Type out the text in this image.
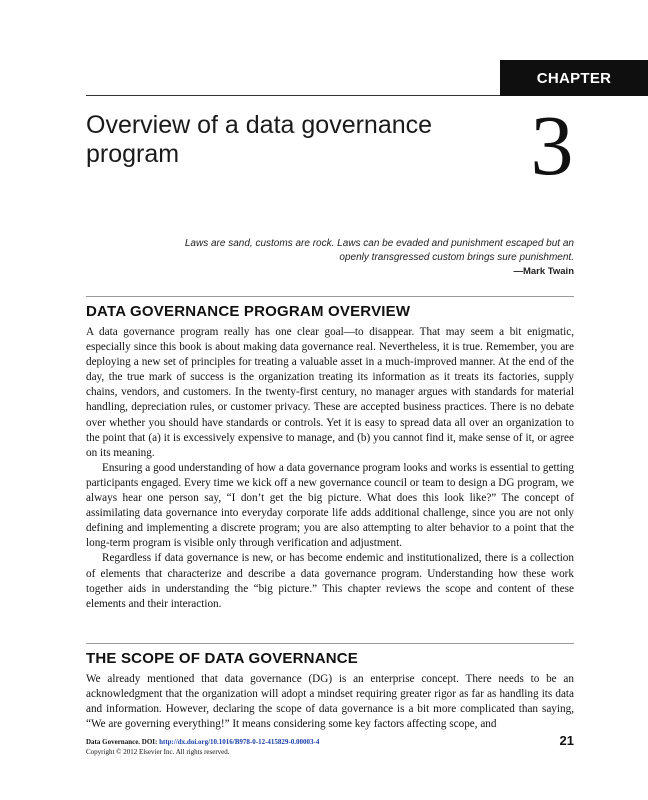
CHAPTER
Overview of a data governance program	3
Laws are sand, customs are rock. Laws can be evaded and punishment escaped but an openly transgressed custom brings sure punishment.
—Mark Twain
DATA GOVERNANCE PROGRAM OVERVIEW

A data governance program really has one clear goal—to disappear. That may seem a bit enigmatic, especially since this book is about making data governance real. Nevertheless, it is true. Remember, you are deploying a new set of principles for treating a valuable asset in a much-improved manner. At the end of the day, the true mark of success is the organization treating its information as it treats its factories, supply chains, vendors, and customers. In the twenty-first century, no manager argues with standards for material handling, depreciation rules, or customer privacy. These are accepted business practices. There is no debate over whether you should have standards or controls. Yet it is easy to spread data all over an organization to the point that (a) it is excessively expensive to manage, and (b) you cannot find it, make sense of it, or agree on its meaning.

Ensuring a good understanding of how a data governance program looks and works is essential to getting participants engaged. Every time we kick off a new governance council or team to design a DG program, we always hear one person say, “I don’t get the big picture. What does this look like?” The concept of assimilating data governance into everyday corporate life adds additional challenge, since you are not only defining and implementing a discrete program; you are also attempting to alter behavior to a point that the long-term program is visible only through verification and adjustment.

Regardless if data governance is new, or has become endemic and institutionalized, there is a collection of elements that characterize and describe a data governance program. Understanding how these work together aids in understanding the “big picture.” This chapter reviews the scope and content of these elements and their interaction.

THE SCOPE OF DATA GOVERNANCE

We already mentioned that data governance (DG) is an enterprise concept. There needs to be an acknowledgment that the organization will adopt a mindset requiring greater rigor as far as handling its data and information. However, declaring the scope of data governance is a bit more complicated than saying, “We are governing everything!” It means considering some key factors affecting scope, and

Data Governance. DOI: http://dx.doi.org/10.1016/B978-0-12-415829-0.00003-4
Copyright © 2012 Elsevier Inc. All rights reserved.
21
